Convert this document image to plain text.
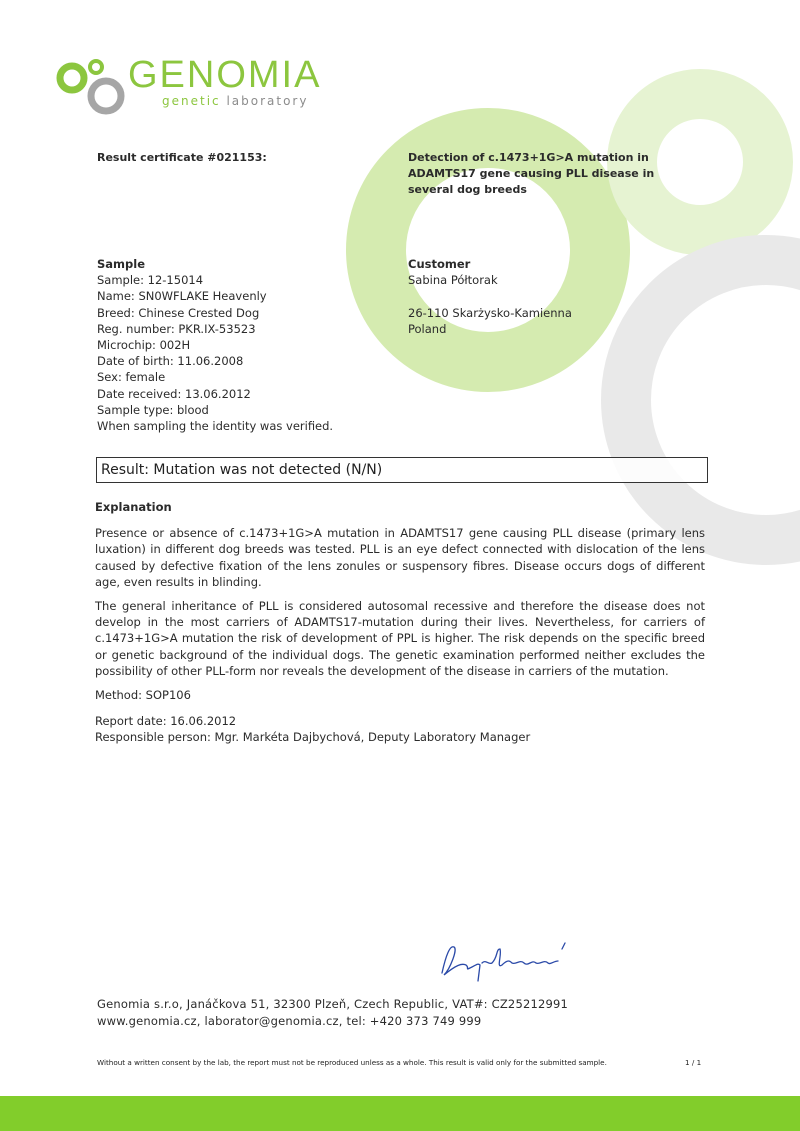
GENOMIA
genetic laboratory
Result certificate #021153:	Detection of c.1473+1G>A mutation in ADAMTS17 gene causing PLL disease in several dog breeds
Sample
Sample: 12-15014
Name: SN0WFLAKE Heavenly
Breed: Chinese Crested Dog
Reg. number: PKR.IX-53523
Microchip: 002H
Date of birth: 11.06.2008
Sex: female
Date received: 13.06.2012
Sample type: blood
When sampling the identity was verified.
Customer
Sabina Półtorak
26-110 Skarżysko-Kamienna
Poland
Result: Mutation was not detected (N/N)
Explanation

Presence or absence of c.1473+1G>A mutation in ADAMTS17 gene causing PLL disease (primary lens luxation) in different dog breeds was tested. PLL is an eye defect connected with dislocation of the lens caused by defective fixation of the lens zonules or suspensory fibres. Disease occurs dogs of different age, even results in blinding.

The general inheritance of PLL is considered autosomal recessive and therefore the disease does not develop in the most carriers of ADAMTS17-mutation during their lives. Nevertheless, for carriers of c.1473+1G>A mutation the risk of development of PPL is higher. The risk depends on the specific breed or genetic background of the individual dogs. The genetic examination performed neither excludes the possibility of other PLL-form nor reveals the development of the disease in carriers of the mutation.

Method: SOP106

Report date: 16.06.2012
Responsible person: Mgr. Markéta Dajbychová, Deputy Laboratory Manager
Genomia s.r.o, Janáčkova 51, 32300 Plzeň, Czech Republic, VAT#: CZ25212991
www.genomia.cz, laborator@genomia.cz, tel: +420 373 749 999
Without a written consent by the lab, the report must not be reproduced unless as a whole. This result is valid only for the submitted sample.	1 / 1
